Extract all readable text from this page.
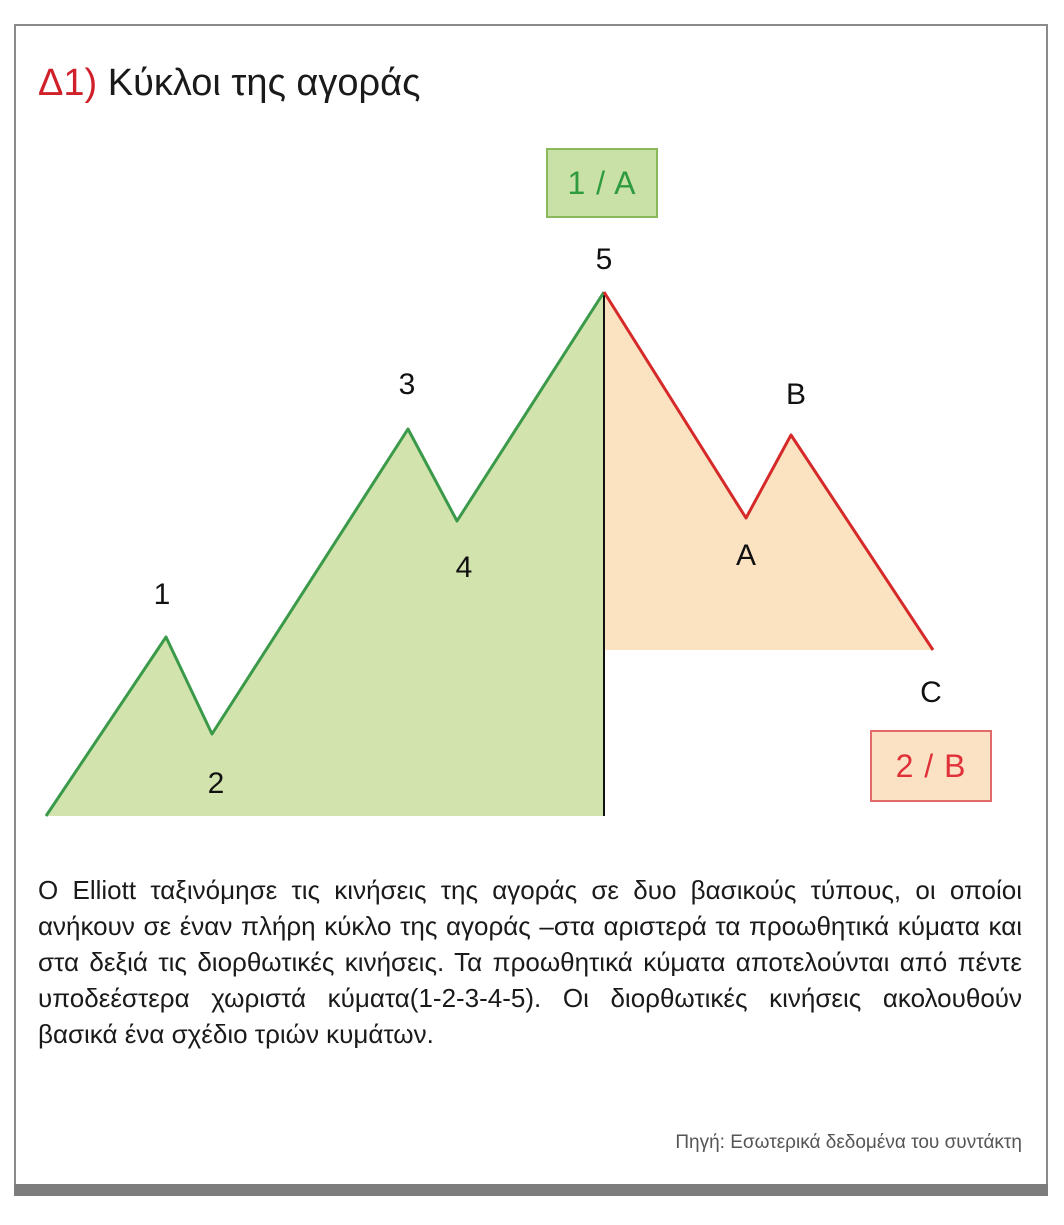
Δ1) Κύκλοι της αγοράς
1
2
3
4
5
A
B
C
1 / A
2 / B
Ο Elliott ταξινόμησε τις κινήσεις της αγοράς σε δυο βασικούς τύπους, οι οποίοι ανήκουν σε έναν πλήρη κύκλο της αγοράς –στα αριστερά τα προωθητικά κύματα και στα δεξιά τις διορθωτικές κινήσεις. Τα προωθητικά κύματα αποτελούνται από πέντε υποδεέστερα χωριστά κύματα(1-2-3-4-5). Οι διορθωτικές κινήσεις ακολουθούν βασικά ένα σχέδιο τριών κυμάτων.
Πηγή: Εσωτερικά δεδομένα του συντάκτη
